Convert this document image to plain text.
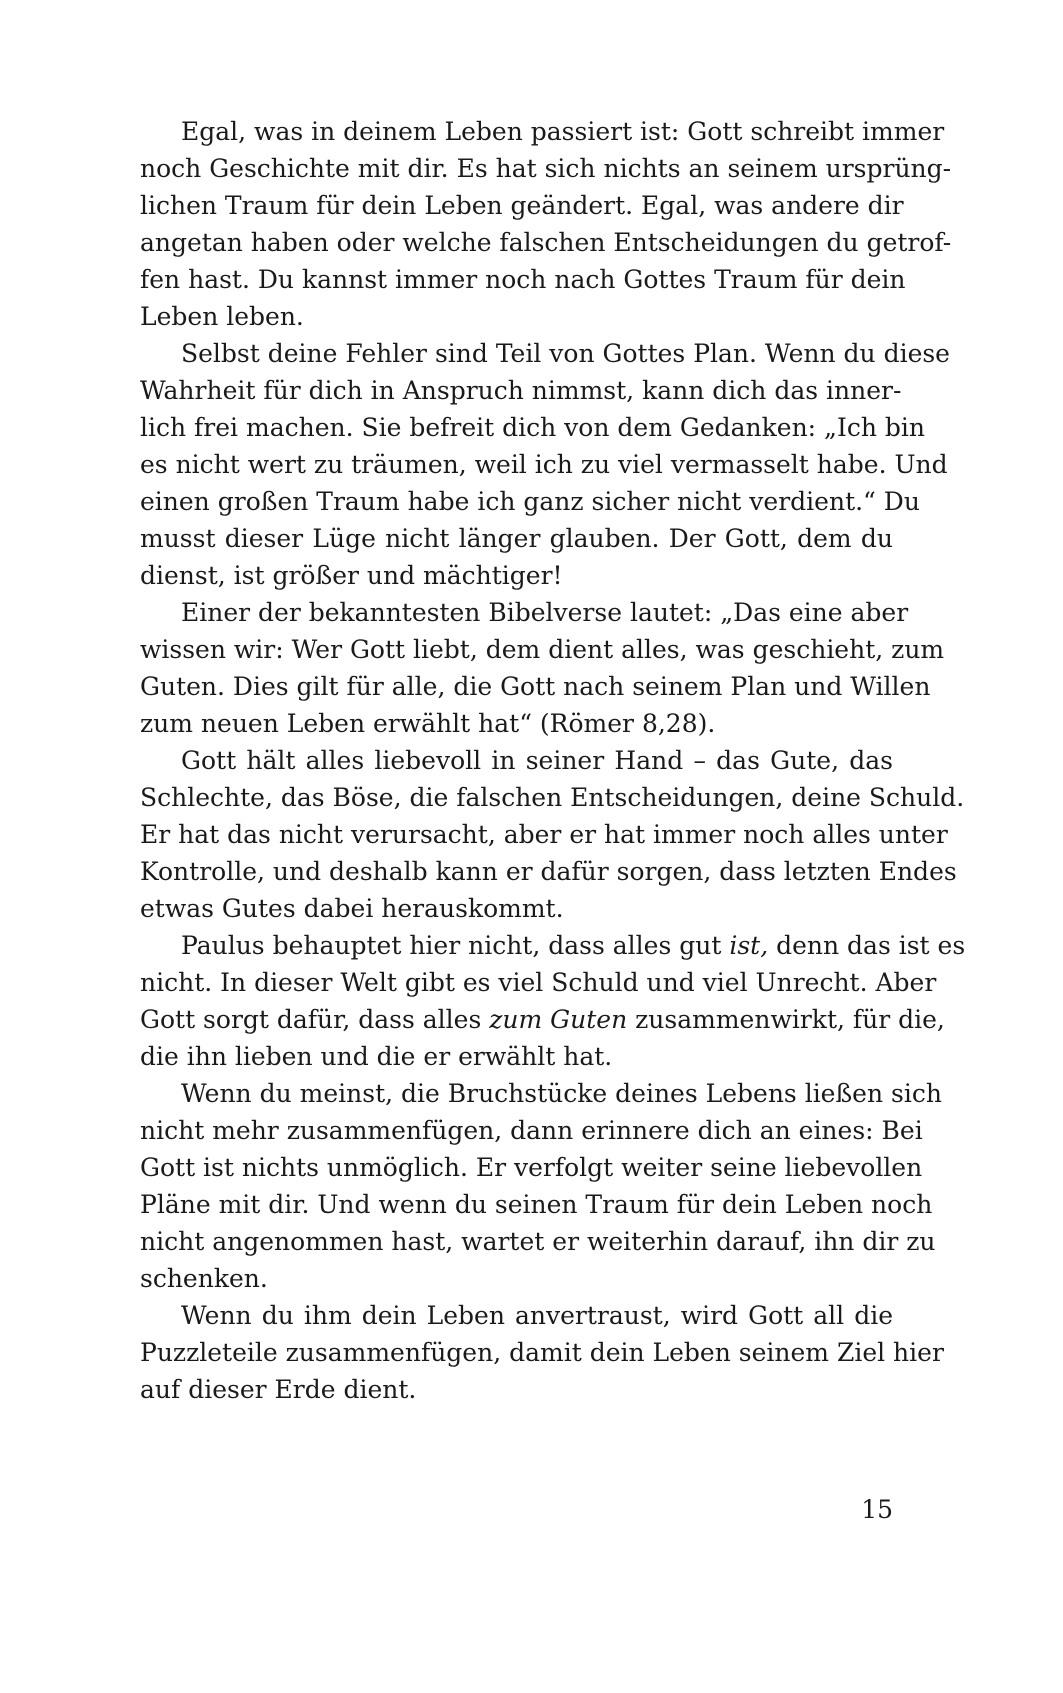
Egal, was in deinem Leben passiert ist: Gott schreibt immer
noch Geschichte mit dir. Es hat sich nichts an seinem ursprüng-
lichen Traum für dein Leben geändert. Egal, was andere dir
angetan haben oder welche falschen Entscheidungen du getrof-
fen hast. Du kannst immer noch nach Gottes Traum für dein
Leben leben.
Selbst deine Fehler sind Teil von Gottes Plan. Wenn du diese
Wahrheit für dich in Anspruch nimmst, kann dich das inner-
lich frei machen. Sie befreit dich von dem Gedanken: „Ich bin
es nicht wert zu träumen, weil ich zu viel vermasselt habe. Und
einen großen Traum habe ich ganz sicher nicht verdient.“ Du
musst dieser Lüge nicht länger glauben. Der Gott, dem du
dienst, ist größer und mächtiger!
Einer der bekanntesten Bibelverse lautet: „Das eine aber
wissen wir: Wer Gott liebt, dem dient alles, was geschieht, zum
Guten. Dies gilt für alle, die Gott nach seinem Plan und Willen
zum neuen Leben erwählt hat“ (Römer 8,28).
Gott hält alles liebevoll in seiner Hand – das Gute, das
Schlechte, das Böse, die falschen Entscheidungen, deine Schuld.
Er hat das nicht verursacht, aber er hat immer noch alles unter
Kontrolle, und deshalb kann er dafür sorgen, dass letzten Endes
etwas Gutes dabei herauskommt.
Paulus behauptet hier nicht, dass alles gut ist, denn das ist es
nicht. In dieser Welt gibt es viel Schuld und viel Unrecht. Aber
Gott sorgt dafür, dass alles zum Guten zusammenwirkt, für die,
die ihn lieben und die er erwählt hat.
Wenn du meinst, die Bruchstücke deines Lebens ließen sich
nicht mehr zusammenfügen, dann erinnere dich an eines: Bei
Gott ist nichts unmöglich. Er verfolgt weiter seine liebevollen
Pläne mit dir. Und wenn du seinen Traum für dein Leben noch
nicht angenommen hast, wartet er weiterhin darauf, ihn dir zu
schenken.
Wenn du ihm dein Leben anvertraust, wird Gott all die
Puzzleteile zusammenfügen, damit dein Leben seinem Ziel hier
auf dieser Erde dient.
15
